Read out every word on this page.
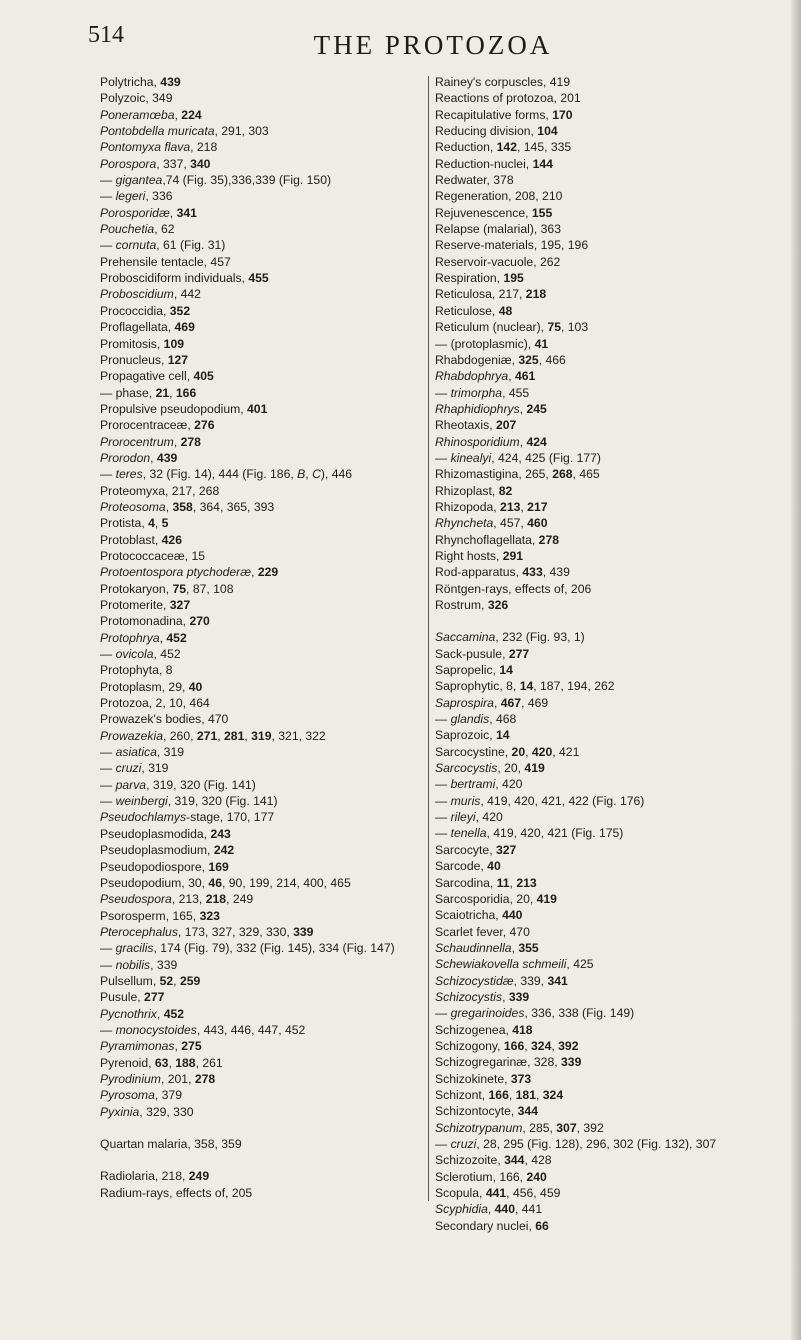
514	THE PROTOZOA
Polytricha, 439
Polyzoic, 349
Poneramœba, 224
Pontobdella muricata, 291, 303
Pontomyxa flava, 218
Porospora, 337, 340
— gigantea,74 (Fig. 35),336,339 (Fig. 150)
— legeri, 336
Porosporidæ, 341
Pouchetia, 62
— cornuta, 61 (Fig. 31)
Prehensile tentacle, 457
Proboscidiform individuals, 455
Proboscidium, 442
Prococcidia, 352
Proflagellata, 469
Promitosis, 109
Pronucleus, 127
Propagative cell, 405
— phase, 21, 166
Propulsive pseudopodium, 401
Prorocentraceæ, 276
Prorocentrum, 278
Prorodon, 439
— teres, 32 (Fig. 14), 444 (Fig. 186, B, C), 446
Proteomyxa, 217, 268
Proteosoma, 358, 364, 365, 393
Protista, 4, 5
Protoblast, 426
Protococcaceæ, 15
Protoentospora ptychoderæ, 229
Protokaryon, 75, 87, 108
Protomerite, 327
Protomonadina, 270
Protophrya, 452
— ovicola, 452
Protophyta, 8
Protoplasm, 29, 40
Protozoa, 2, 10, 464
Prowazek's bodies, 470
Prowazekia, 260, 271, 281, 319, 321, 322
— asiatica, 319
— cruzi, 319
— parva, 319, 320 (Fig. 141)
— weinbergi, 319, 320 (Fig. 141)
Pseudochlamys-stage, 170, 177
Pseudoplasmodida, 243
Pseudoplasmodium, 242
Pseudopodiospore, 169
Pseudopodium, 30, 46, 90, 199, 214, 400, 465
Pseudospora, 213, 218, 249
Psorosperm, 165, 323
Pterocephalus, 173, 327, 329, 330, 339
— gracilis, 174 (Fig. 79), 332 (Fig. 145), 334 (Fig. 147)
— nobilis, 339
Pulsellum, 52, 259
Pusule, 277
Pycnothrix, 452
— monocystoides, 443, 446, 447, 452
Pyramimonas, 275
Pyrenoid, 63, 188, 261
Pyrodinium, 201, 278
Pyrosoma, 379
Pyxinia, 329, 330
Quartan malaria, 358, 359
Radiolaria, 218, 249
Radium-rays, effects of, 205
Rainey's corpuscles, 419
Reactions of protozoa, 201
Recapitulative forms, 170
Reducing division, 104
Reduction, 142, 145, 335
Reduction-nuclei, 144
Redwater, 378
Regeneration, 208, 210
Rejuvenescence, 155
Relapse (malarial), 363
Reserve-materials, 195, 196
Reservoir-vacuole, 262
Respiration, 195
Reticulosa, 217, 218
Reticulose, 48
Reticulum (nuclear), 75, 103
— (protoplasmic), 41
Rhabdogeniæ, 325, 466
Rhabdophrya, 461
— trimorpha, 455
Rhaphidiophrys, 245
Rheotaxis, 207
Rhinosporidium, 424
— kinealyi, 424, 425 (Fig. 177)
Rhizomastigina, 265, 268, 465
Rhizoplast, 82
Rhizopoda, 213, 217
Rhyncheta, 457, 460
Rhynchoflagellata, 278
Right hosts, 291
Rod-apparatus, 433, 439
Röntgen-rays, effects of, 206
Rostrum, 326
Saccamina, 232 (Fig. 93, 1)
Sack-pusule, 277
Sapropelic, 14
Saprophytic, 8, 14, 187, 194, 262
Saprospira, 467, 469
— glandis, 468
Saprozoic, 14
Sarcocystine, 20, 420, 421
Sarcocystis, 20, 419
— bertrami, 420
— muris, 419, 420, 421, 422 (Fig. 176)
— rileyi, 420
— tenella, 419, 420, 421 (Fig. 175)
Sarcocyte, 327
Sarcode, 40
Sarcodina, 11, 213
Sarcosporidia, 20, 419
Scaiotricha, 440
Scarlet fever, 470
Schaudinnella, 355
Schewiakovella schmeili, 425
Schizocystidæ, 339, 341
Schizocystis, 339
— gregarinoides, 336, 338 (Fig. 149)
Schizogenea, 418
Schizogony, 166, 324, 392
Schizogregarinæ, 328, 339
Schizokinete, 373
Schizont, 166, 181, 324
Schizontocyte, 344
Schizotrypanum, 285, 307, 392
— cruzi, 28, 295 (Fig. 128), 296, 302 (Fig. 132), 307
Schizozoite, 344, 428
Sclerotium, 166, 240
Scopula, 441, 456, 459
Scyphidia, 440, 441
Secondary nuclei, 66
